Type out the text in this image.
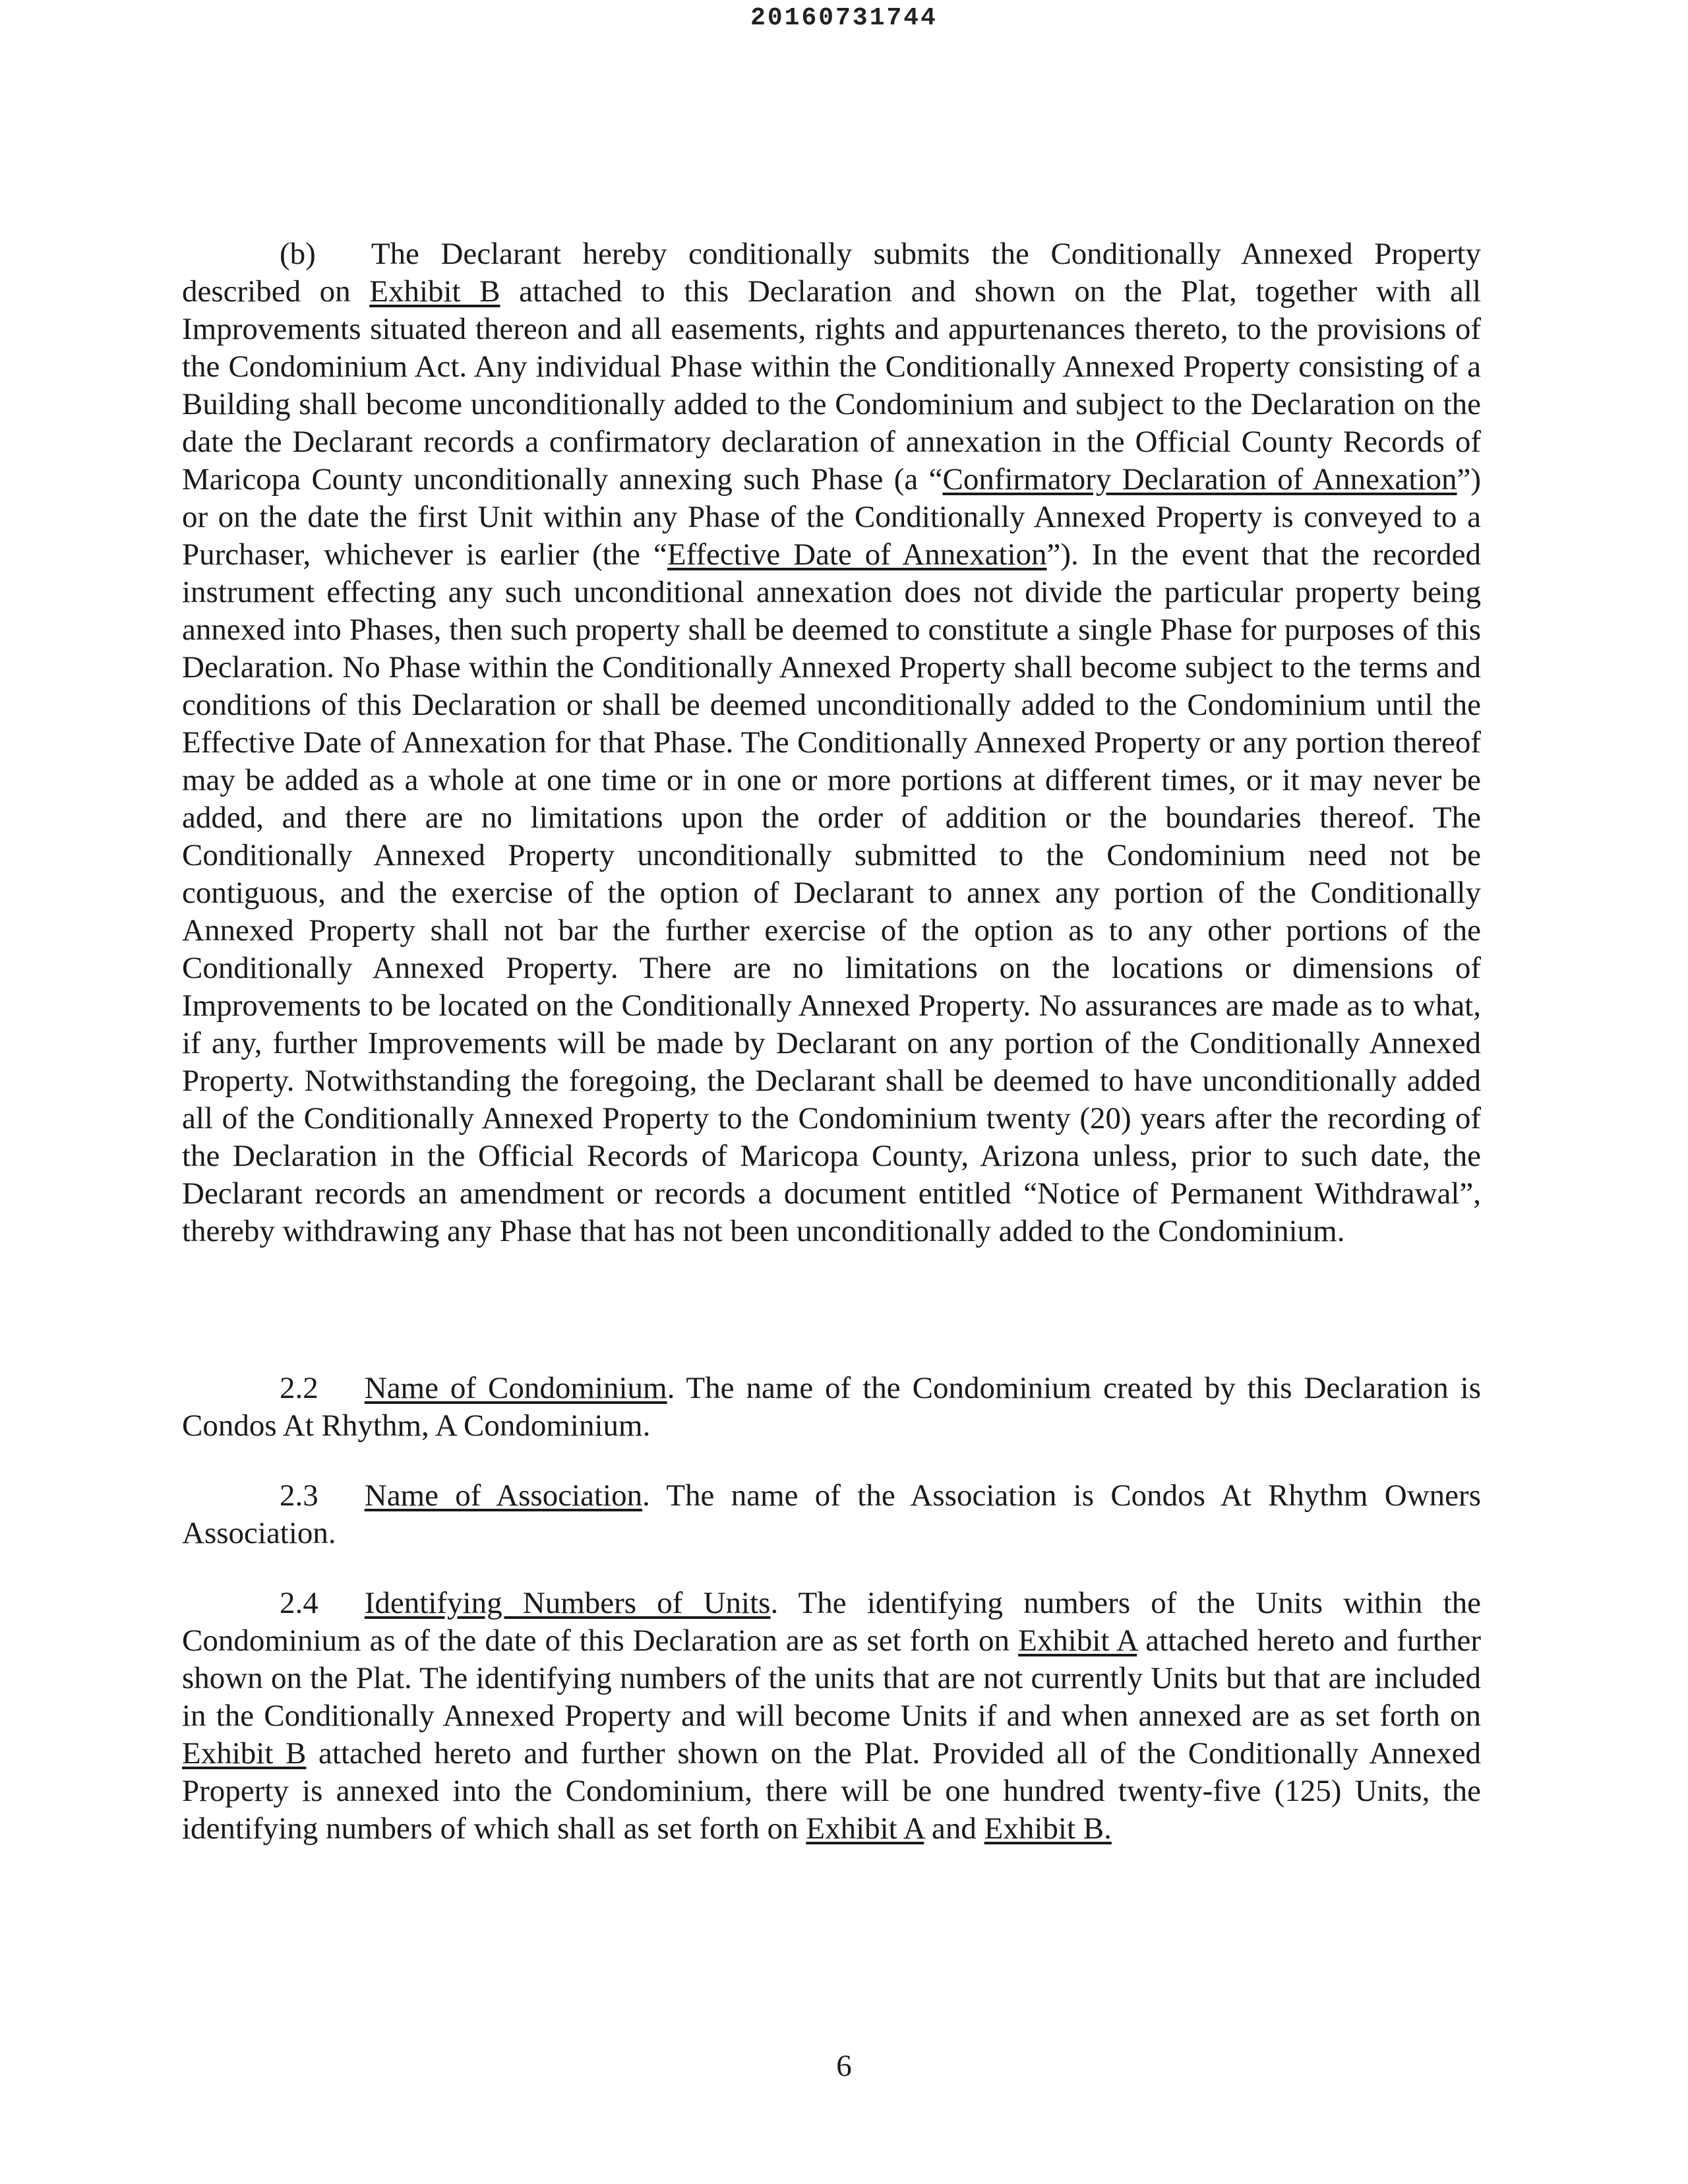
20160731744

(b) The Declarant hereby conditionally submits the Conditionally Annexed Property described on Exhibit B attached to this Declaration and shown on the Plat, together with all Improvements situated thereon and all easements, rights and appurtenances thereto, to the provisions of the Condominium Act. Any individual Phase within the Conditionally Annexed Property consisting of a Building shall become unconditionally added to the Condominium and subject to the Declaration on the date the Declarant records a confirmatory declaration of annexation in the Official County Records of Maricopa County unconditionally annexing such Phase (a “Confirmatory Declaration of Annexation”) or on the date the first Unit within any Phase of the Conditionally Annexed Property is conveyed to a Purchaser, whichever is earlier (the “Effective Date of Annexation”). In the event that the recorded instrument effecting any such unconditional annexation does not divide the particular property being annexed into Phases, then such property shall be deemed to constitute a single Phase for purposes of this Declaration. No Phase within the Conditionally Annexed Property shall become subject to the terms and conditions of this Declaration or shall be deemed unconditionally added to the Condominium until the Effective Date of Annexation for that Phase. The Conditionally Annexed Property or any portion thereof may be added as a whole at one time or in one or more portions at different times, or it may never be added, and there are no limitations upon the order of addition or the boundaries thereof. The Conditionally Annexed Property unconditionally submitted to the Condominium need not be contiguous, and the exercise of the option of Declarant to annex any portion of the Conditionally Annexed Property shall not bar the further exercise of the option as to any other portions of the Conditionally Annexed Property. There are no limitations on the locations or dimensions of Improvements to be located on the Conditionally Annexed Property. No assurances are made as to what, if any, further Improvements will be made by Declarant on any portion of the Conditionally Annexed Property. Notwithstanding the foregoing, the Declarant shall be deemed to have unconditionally added all of the Conditionally Annexed Property to the Condominium twenty (20) years after the recording of the Declaration in the Official Records of Maricopa County, Arizona unless, prior to such date, the Declarant records an amendment or records a document entitled “Notice of Permanent Withdrawal”, thereby withdrawing any Phase that has not been unconditionally added to the Condominium.

2.2 Name of Condominium. The name of the Condominium created by this Declaration is Condos At Rhythm, A Condominium.

2.3 Name of Association. The name of the Association is Condos At Rhythm Owners Association.

2.4 Identifying Numbers of Units. The identifying numbers of the Units within the Condominium as of the date of this Declaration are as set forth on Exhibit A attached hereto and further shown on the Plat. The identifying numbers of the units that are not currently Units but that are included in the Conditionally Annexed Property and will become Units if and when annexed are as set forth on Exhibit B attached hereto and further shown on the Plat. Provided all of the Conditionally Annexed Property is annexed into the Condominium, there will be one hundred twenty-five (125) Units, the identifying numbers of which shall as set forth on Exhibit A and Exhibit B.

6
